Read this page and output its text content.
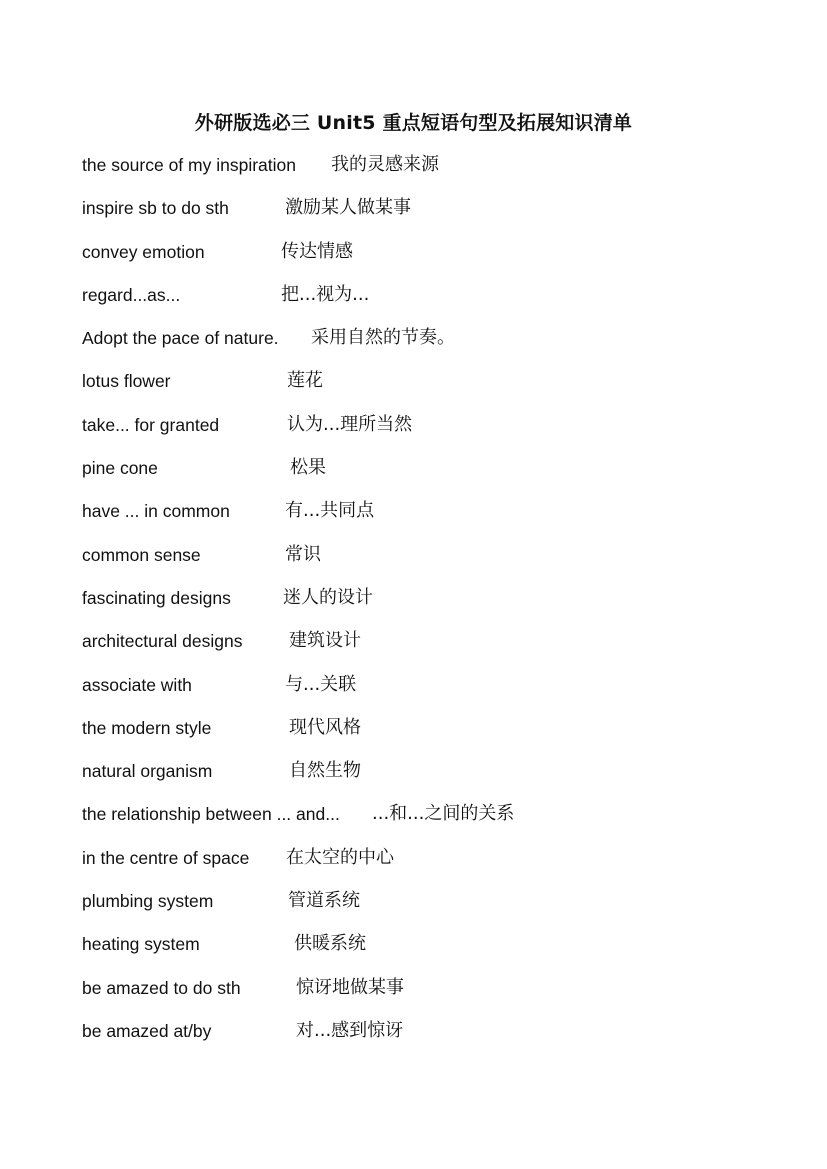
外研版选必三 Unit5 重点短语句型及拓展知识清单
the source of my inspiration 我的灵感来源
inspire sb to do sth	激励某人做某事
convey emotion	传达情感
regard...as...	把...视为...
Adopt the pace of nature. 采用自然的节奏。
lotus flower	莲花
take... for granted	认为...理所当然
pine cone	松果
have ... in common	有...共同点
common sense	常识
fascinating designs	迷人的设计
architectural designs	建筑设计
associate with	与...关联
the modern style	现代风格
natural organism	自然生物
the relationship between ... and... ...和...之间的关系
in the centre of space 在太空的中心
plumbing system	管道系统
heating system	供暖系统
be amazed to do sth	惊讶地做某事
be amazed at/by	对...感到惊讶
